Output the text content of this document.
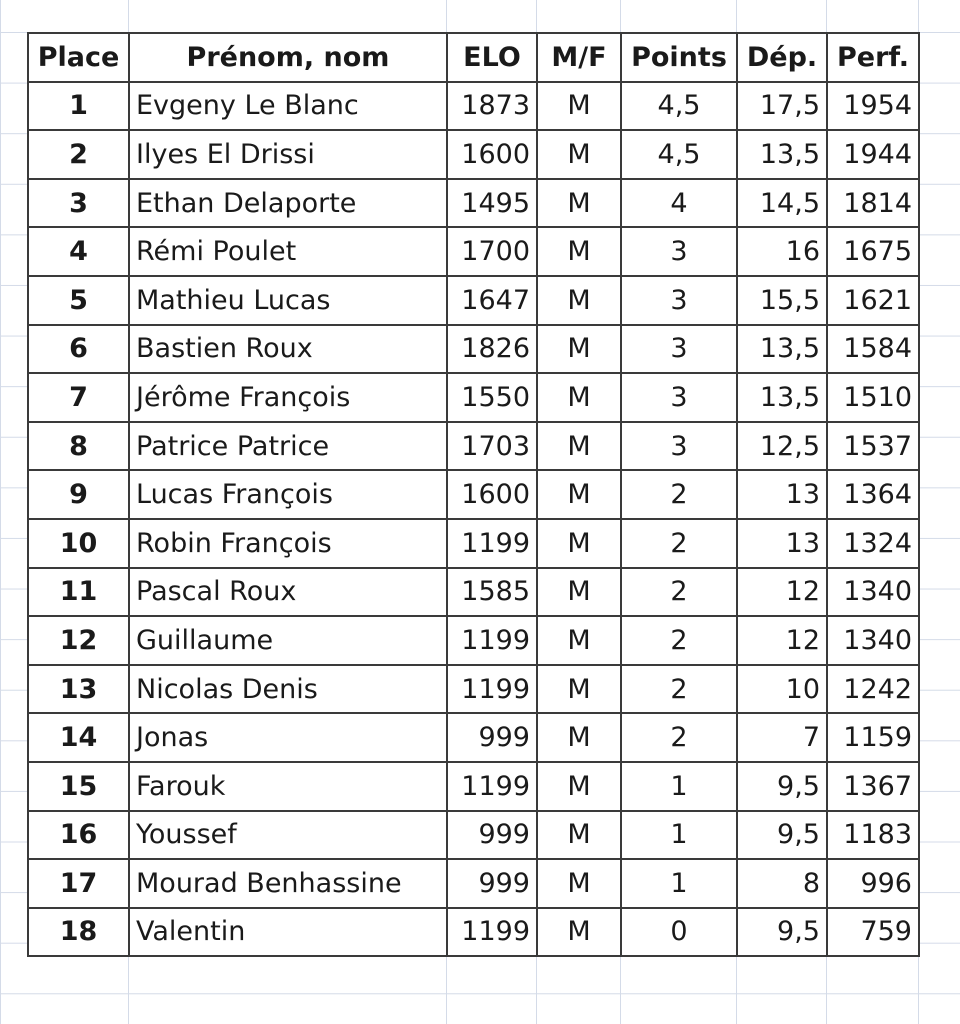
Place	Prénom, nom	ELO	M/F	Points	Dép.	Perf.
1	Evgeny Le Blanc	1873	M	4,5	17,5	1954
2	Ilyes El Drissi	1600	M	4,5	13,5	1944
3	Ethan Delaporte	1495	M	4	14,5	1814
4	Rémi Poulet	1700	M	3	16	1675
5	Mathieu Lucas	1647	M	3	15,5	1621
6	Bastien Roux	1826	M	3	13,5	1584
7	Jérôme François	1550	M	3	13,5	1510
8	Patrice Patrice	1703	M	3	12,5	1537
9	Lucas François	1600	M	2	13	1364
10	Robin François	1199	M	2	13	1324
11	Pascal Roux	1585	M	2	12	1340
12	Guillaume	1199	M	2	12	1340
13	Nicolas Denis	1199	M	2	10	1242
14	Jonas	999	M	2	7	1159
15	Farouk	1199	M	1	9,5	1367
16	Youssef	999	M	1	9,5	1183
17	Mourad Benhassine	999	M	1	8	996
18	Valentin	1199	M	0	9,5	759
